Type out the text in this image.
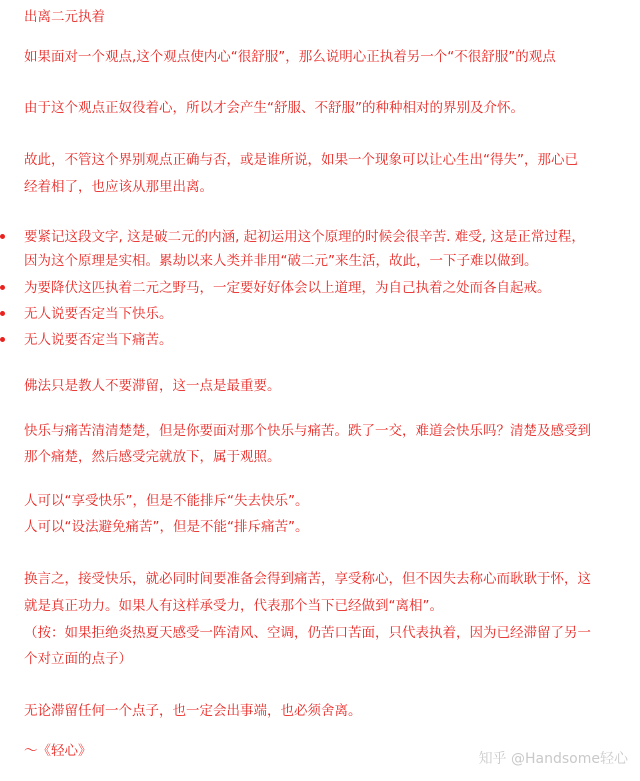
出离二元执着
如果面对一个观点,这个观点使内心“很舒服”，那么说明心正执着另一个“不很舒服”的观点
由于这个观点正奴役着心，所以才会产生“舒服、不舒服”的种种相对的界别及介怀。
故此，不管这个界别观点正确与否，或是谁所说，如果一个现象可以让心生出“得失”，那心已
经着相了，也应该从那里出离。
要紧记这段文字, 这是破二元的内涵, 起初运用这个原理的时候会很辛苦. 难受, 这是正常过程，
因为这个原理是实相。累劫以来人类并非用“破二元”来生活，故此，一下子难以做到。
为要降伏这匹执着二元之野马，一定要好好体会以上道理，为自己执着之处而各自起戒。
无人说要否定当下快乐。
无人说要否定当下痛苦。
佛法只是教人不要滞留，这一点是最重要。
快乐与痛苦清清楚楚，但是你要面对那个快乐与痛苦。跌了一交，难道会快乐吗？清楚及感受到
那个痛楚，然后感受完就放下，属于观照。
人可以“享受快乐”，但是不能排斥“失去快乐”。
人可以“设法避免痛苦”，但是不能“排斥痛苦”。
换言之，接受快乐，就必同时间要准备会得到痛苦，享受称心，但不因失去称心而耿耿于怀，这
就是真正功力。如果人有这样承受力，代表那个当下已经做到“离相”。
（按：如果拒绝炎热夏天感受一阵清风、空调，仍苦口苦面，只代表执着，因为已经滞留了另一
个对立面的点子）
无论滞留任何一个点子，也一定会出事端，也必须舍离。
～《轻心》	知乎 @Handsome轻心
